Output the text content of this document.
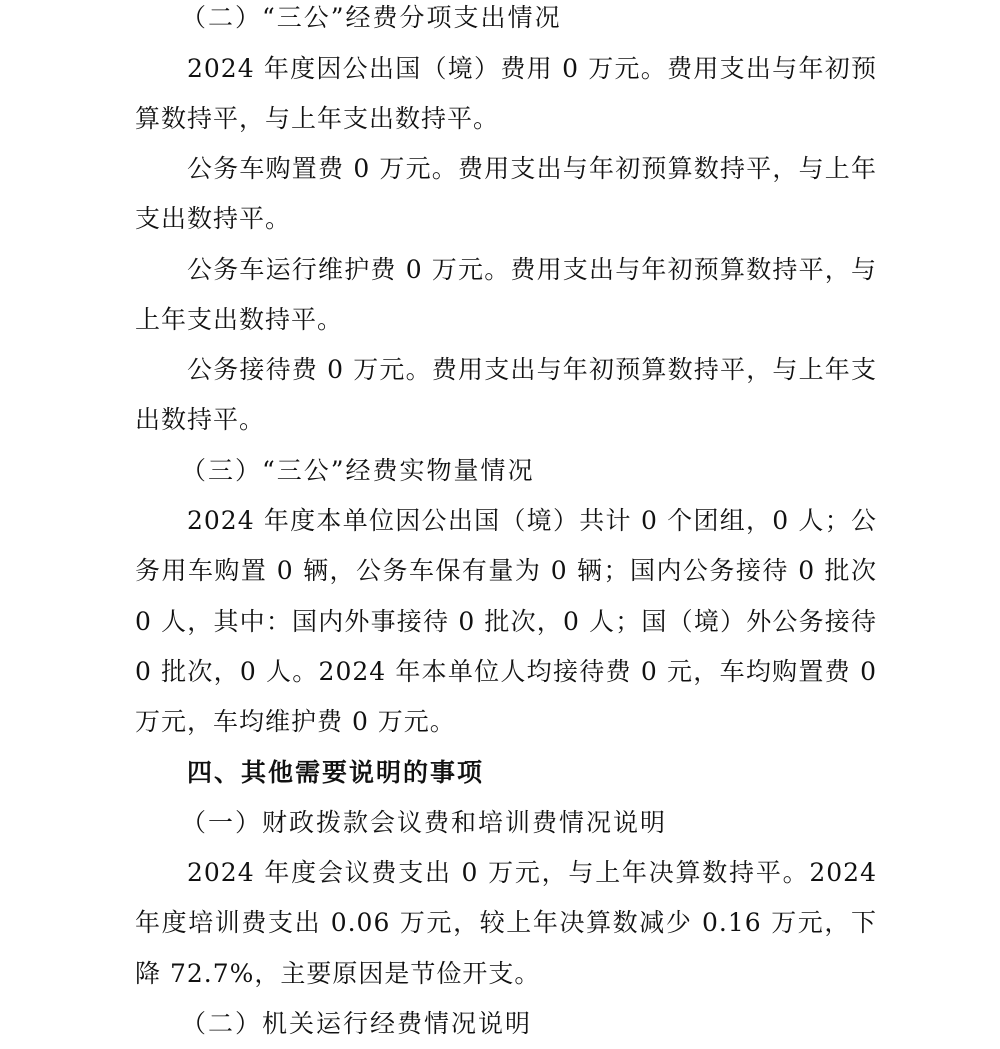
（二）“三公”经费分项支出情况

2024 年度因公出国（境）费用 0 万元。费用支出与年初预算数持平，与上年支出数持平。

公务车购置费 0 万元。费用支出与年初预算数持平，与上年支出数持平。

公务车运行维护费 0 万元。费用支出与年初预算数持平，与上年支出数持平。

公务接待费 0 万元。费用支出与年初预算数持平，与上年支出数持平。

（三）“三公”经费实物量情况

2024 年度本单位因公出国（境）共计 0 个团组，0 人；公务用车购置 0 辆，公务车保有量为 0 辆；国内公务接待 0 批次 0 人，其中：国内外事接待 0 批次，0 人；国（境）外公务接待 0 批次，0 人。2024 年本单位人均接待费 0 元，车均购置费 0 万元，车均维护费 0 万元。

四、其他需要说明的事项

（一）财政拨款会议费和培训费情况说明

2024 年度会议费支出 0 万元，与上年决算数持平。2024 年度培训费支出 0.06 万元，较上年决算数减少 0.16 万元，下降 72.7%，主要原因是节俭开支。

（二）机关运行经费情况说明
